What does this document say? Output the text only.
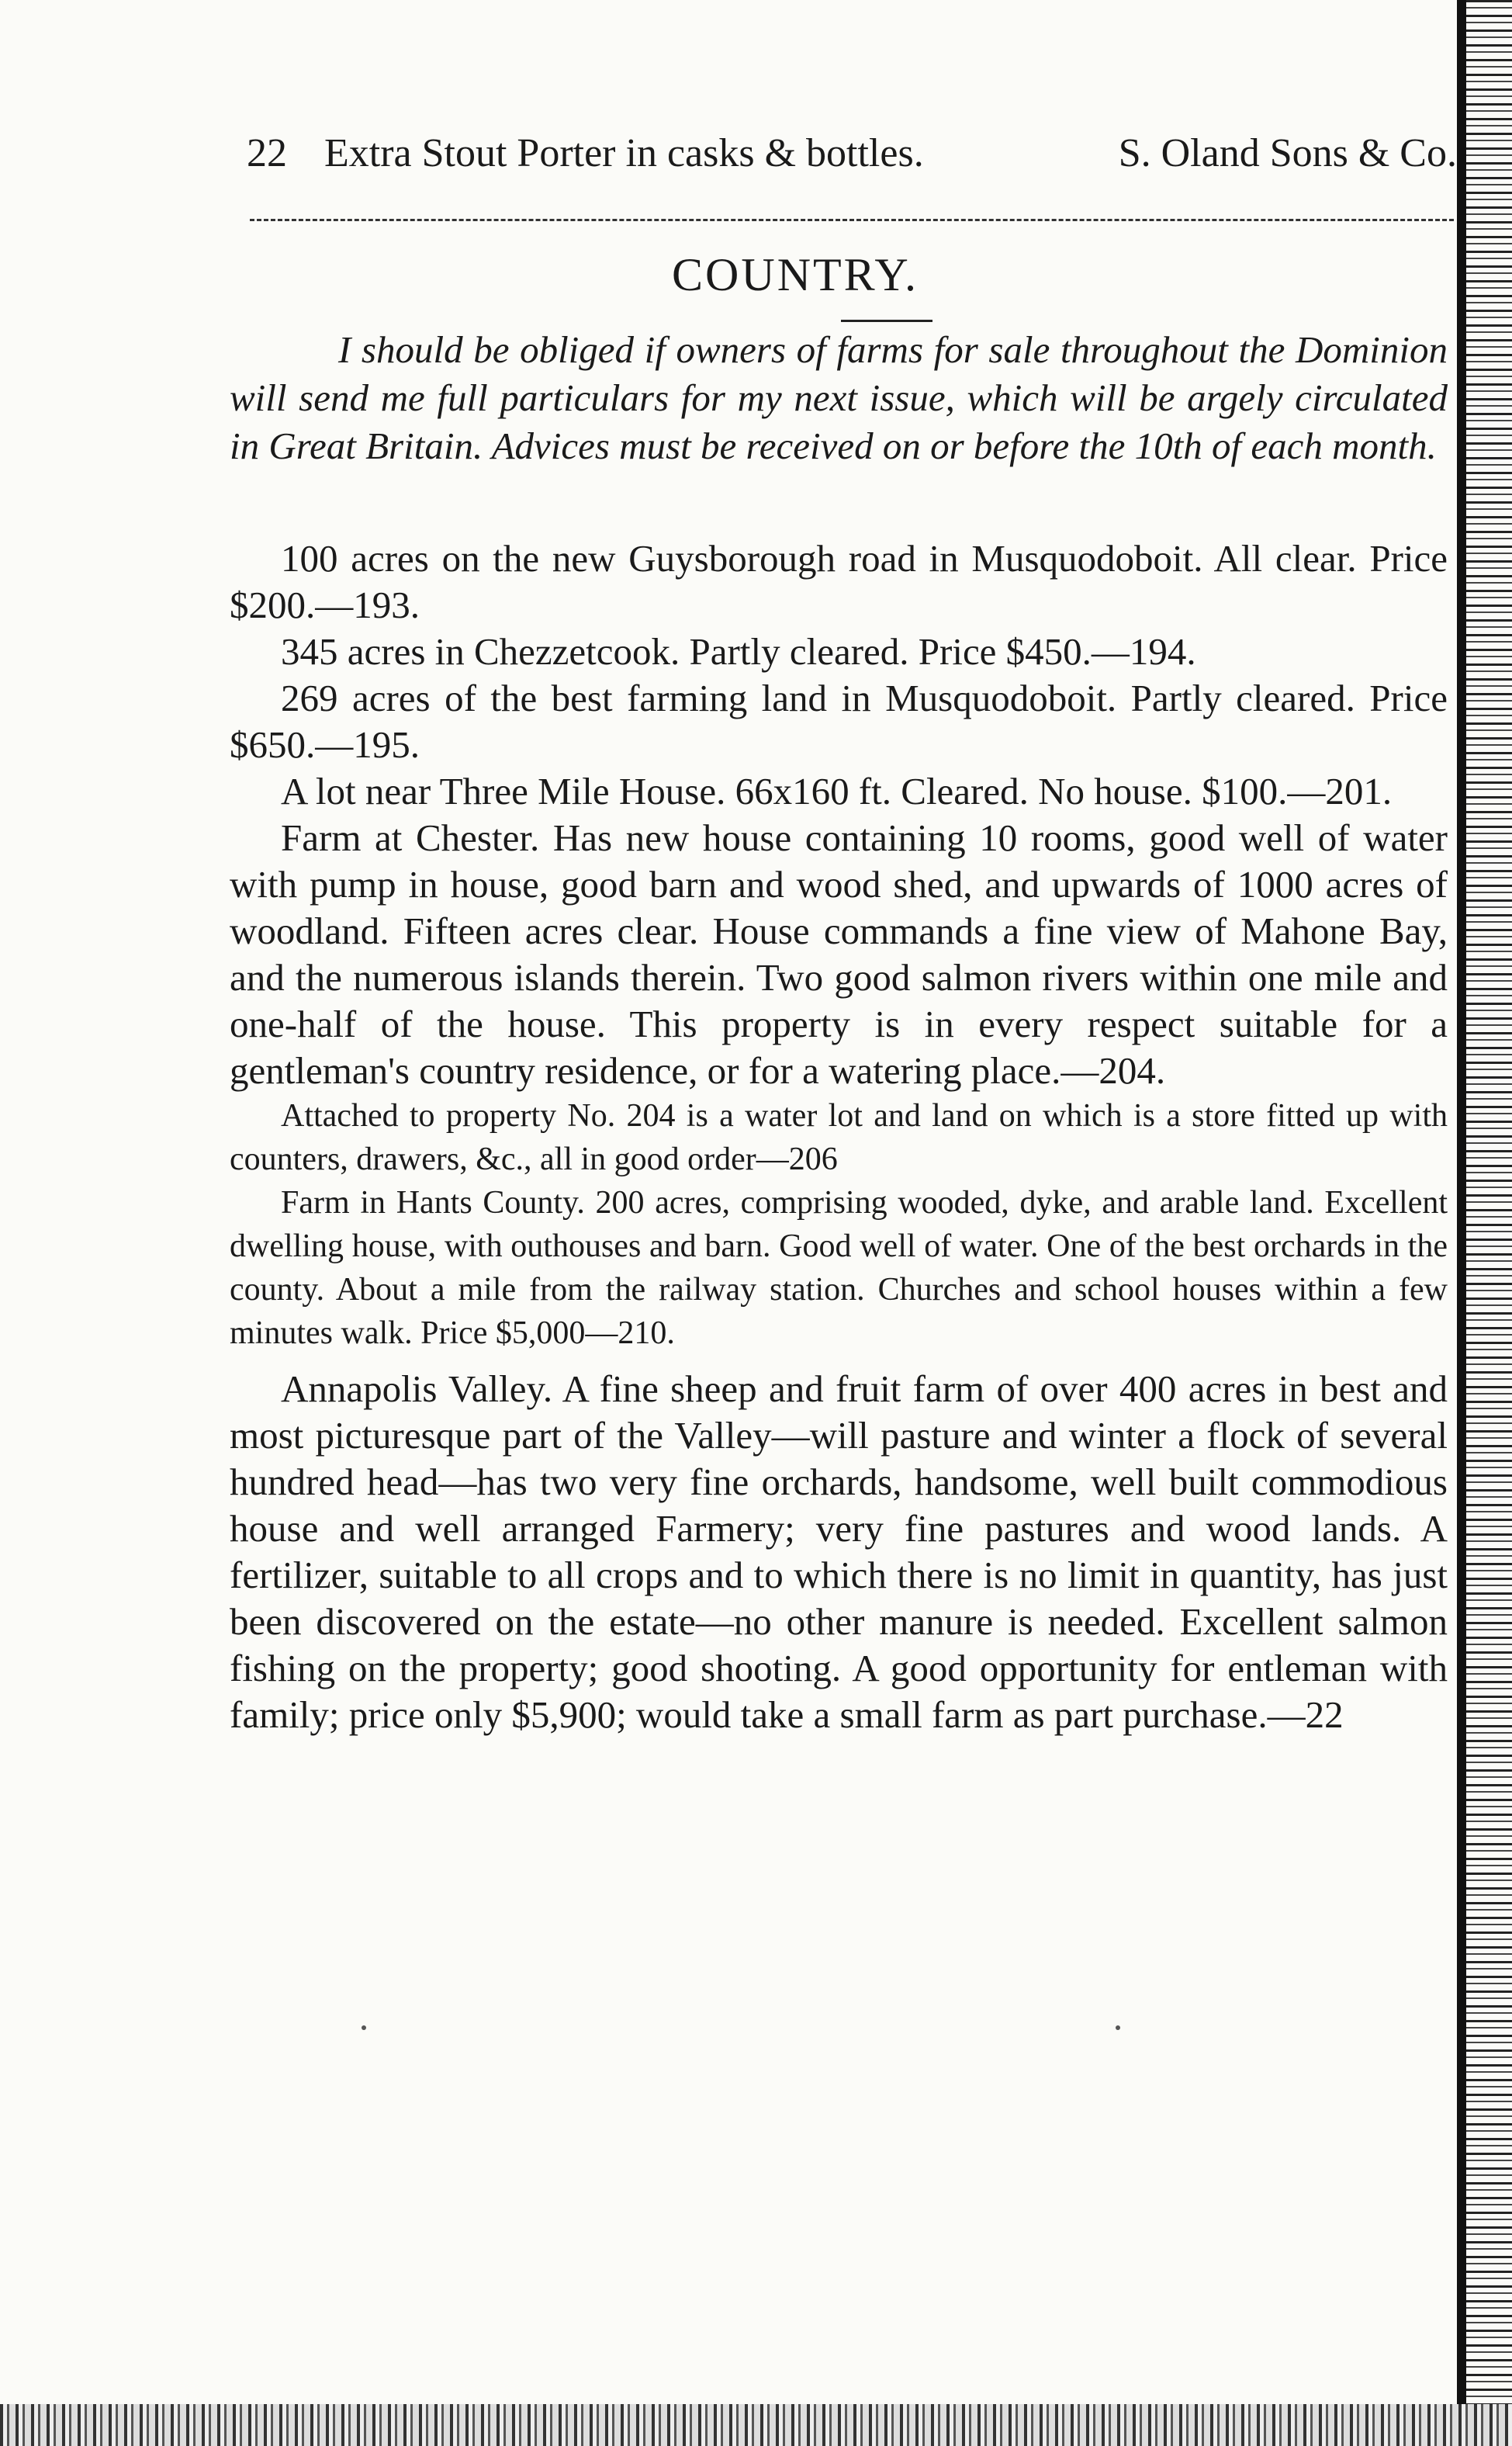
22 Extra Stout Porter in casks & bottles.	S. Oland Sons & Co.
COUNTRY.

I should be obliged if owners of farms for sale throughout the Dominion will send me full particulars for my next issue, which will be argely circulated in Great Britain. Advices must be received on or before the 10th of each month.

100 acres on the new Guysborough road in Musquodoboit. All clear. Price $200.—193.

345 acres in Chezzetcook. Partly cleared. Price $450.—194.

269 acres of the best farming land in Musquodoboit. Partly cleared. Price $650.—195.

A lot near Three Mile House. 66x160 ft. Cleared. No house. $100.—201.

Farm at Chester. Has new house containing 10 rooms, good well of water with pump in house, good barn and wood shed, and upwards of 1000 acres of woodland. Fifteen acres clear. House commands a fine view of Mahone Bay, and the numerous islands therein. Two good salmon rivers within one mile and one-half of the house. This property is in every respect suitable for a gentleman's country residence, or for a watering place.—204.

Attached to property No. 204 is a water lot and land on which is a store fitted up with counters, drawers, &c., all in good order—206

Farm in Hants County. 200 acres, comprising wooded, dyke, and arable land. Excellent dwelling house, with outhouses and barn. Good well of water. One of the best orchards in the county. About a mile from the railway station. Churches and school houses within a few minutes walk. Price $5,000—210.

Annapolis Valley. A fine sheep and fruit farm of over 400 acres in best and most picturesque part of the Valley—will pasture and winter a flock of several hundred head—has two very fine orchards, handsome, well built commodious house and well arranged Farmery; very fine pastures and wood lands. A fertilizer, suitable to all crops and to which there is no limit in quantity, has just been discovered on the estate—no other manure is needed. Excellent salmon fishing on the property; good shooting. A good opportunity for entleman with family; price only $5,900; would take a small farm as part purchase.—22
